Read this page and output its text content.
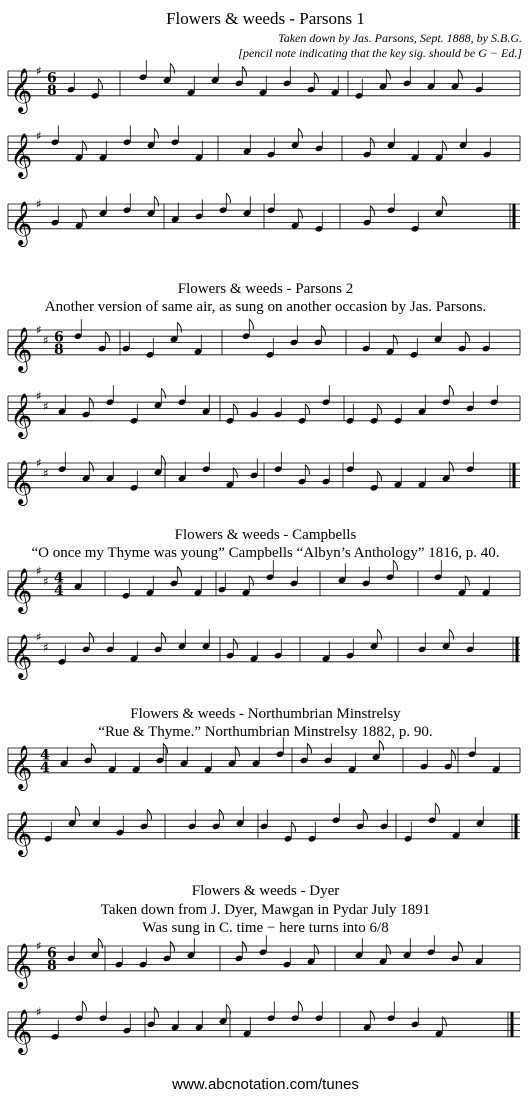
Flowers & weeds - Parsons 1
Taken down by Jas. Parsons, Sept. 1888, by S.B.G.
[pencil note indicating that the key sig. should be G − Ed.]
Flowers & weeds - Parsons 2
Another version of same air, as sung on another occasion by Jas. Parsons.
Flowers & weeds - Campbells
“O once my Thyme was young” Campbells “Albyn’s Anthology” 1816, p. 40.
Flowers & weeds - Northumbrian Minstrelsy
“Rue & Thyme.” Northumbrian Minstrelsy 1882, p. 90.
Flowers & weeds - Dyer
Taken down from J. Dyer, Mawgan in Pydar July 1891
Was sung in C. time − here turns into 6/8
𝄞 ♯ 6
8
𝄞 ♯
𝄞 ♯
𝄞 ♯
♯ 6
8
𝄞 ♯
♯
𝄞 ♯
♯
𝄞 ♯
♯ 4
4
𝄞 ♯
♯
𝄞 4
4
𝄞
𝄞 ♯ 6
8
𝄞 ♯
www.abcnotation.com/tunes
